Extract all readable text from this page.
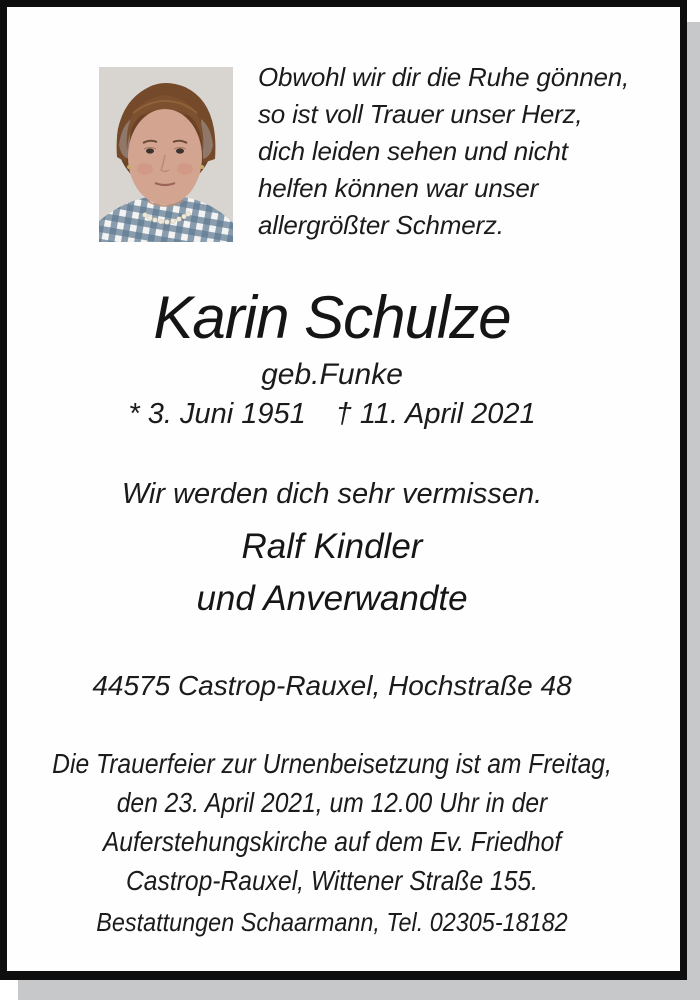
Obwohl wir dir die Ruhe gönnen,
so ist voll Trauer unser Herz,
dich leiden sehen und nicht
helfen können war unser
allergrößter Schmerz.
Karin Schulze
geb.Funke
* 3. Juni 1951 † 11. April 2021
Wir werden dich sehr vermissen.
Ralf Kindler
und Anverwandte
44575 Castrop-Rauxel, Hochstraße 48
Die Trauerfeier zur Urnenbeisetzung ist am Freitag,
den 23. April 2021, um 12.00 Uhr in der
Auferstehungskirche auf dem Ev. Friedhof
Castrop-Rauxel, Wittener Straße 155.
Bestattungen Schaarmann, Tel. 02305-18182
